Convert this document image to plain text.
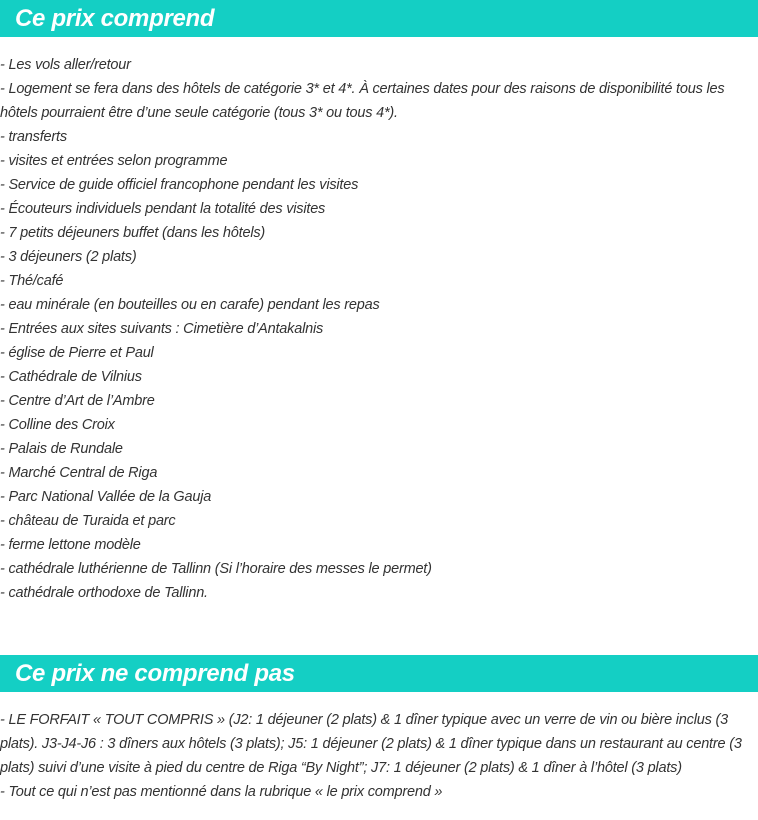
Ce prix comprend
- Les vols aller/retour
- Logement se fera dans des hôtels de catégorie 3* et 4*. À certaines dates pour des raisons de disponibilité tous les hôtels pourraient être d’une seule catégorie (tous 3* ou tous 4*).
- transferts
- visites et entrées selon programme
- Service de guide officiel francophone pendant les visites
- Écouteurs individuels pendant la totalité des visites
- 7 petits déjeuners buffet (dans les hôtels)
- 3 déjeuners (2 plats)
- Thé/café
- eau minérale (en bouteilles ou en carafe) pendant les repas
- Entrées aux sites suivants : Cimetière d’Antakalnis
- église de Pierre et Paul
- Cathédrale de Vilnius
- Centre d’Art de l’Ambre
- Colline des Croix
- Palais de Rundale
- Marché Central de Riga
- Parc National Vallée de la Gauja
- château de Turaida et parc
- ferme lettone modèle
- cathédrale luthérienne de Tallinn (Si l’horaire des messes le permet)
- cathédrale orthodoxe de Tallinn.
Ce prix ne comprend pas
- LE FORFAIT « TOUT COMPRIS » (J2: 1 déjeuner (2 plats) & 1 dîner typique avec un verre de vin ou bière inclus (3 plats). J3-J4-J6 : 3 dîners aux hôtels (3 plats); J5: 1 déjeuner (2 plats) & 1 dîner typique dans un restaurant au centre (3 plats) suivi d’une visite à pied du centre de Riga “By Night”; J7: 1 déjeuner (2 plats) & 1 dîner à l’hôtel (3 plats)
- Tout ce qui n’est pas mentionné dans la rubrique « le prix comprend »
